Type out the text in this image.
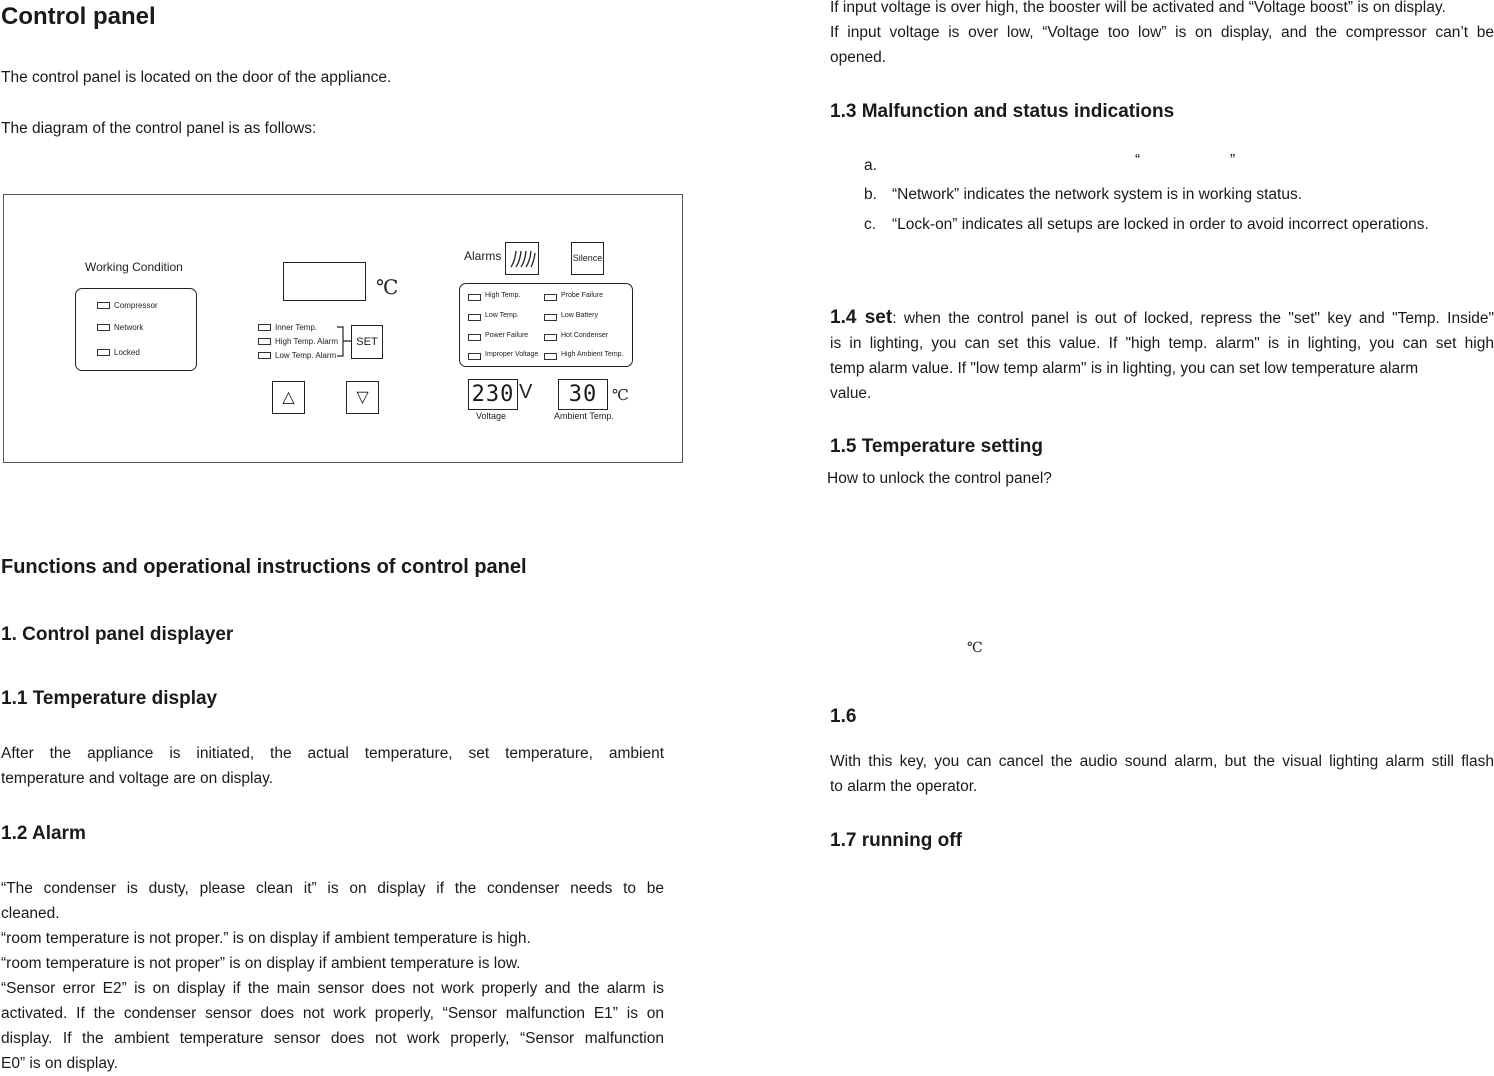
Control panel
The control panel is located on the door of the appliance.
The diagram of the control panel is as follows:
Working Condition
Compressor
Network
Locked
℃
Inner Temp.
High Temp. Alarm
Low Temp. Alarm
SET
△	▽
Alarms	Silence
High Temp.
Low Temp.
Power Failure
Improper Voltage
Probe Failure
Low Battery
Hot Condenser
High Ambient Temp.
230 V
Voltage
30 ℃
Ambient Temp.
Functions and operational instructions of control panel
1. Control panel displayer
1.1 Temperature display

After the appliance is initiated, the actual temperature, set temperature, ambient

temperature and voltage are on display.

1.2 Alarm

“The condenser is dusty, please clean it” is on display if the condenser needs to be

cleaned.

“room temperature is not proper.” is on display if ambient temperature is high.

“room temperature is not proper” is on display if ambient temperature is low.

“Sensor error E2” is on display if the main sensor does not work properly and the alarm is

activated. If the condenser sensor does not work properly, “Sensor malfunction E1” is on

display. If the ambient temperature sensor does not work properly, “Sensor malfunction

E0” is on display.

If input voltage is over high, the booster will be activated and “Voltage boost” is on display.

If input voltage is over low, “Voltage too low” is on display, and the compressor can’t be

opened.

1.3 Malfunction and status indications
a.	“	”
b. “Network” indicates the network system is in working status.
c. “Lock-on” indicates all setups are locked in order to avoid incorrect operations.

1.4 set: when the control panel is out of locked, repress the "set" key and "Temp. Inside"

is in lighting, you can set this value. If "high temp. alarm" is in lighting, you can set high

temp alarm value. If "low temp alarm" is in lighting, you can set low temperature alarm

value.

1.5 Temperature setting
How to unlock the control panel?
℃
1.6

With this key, you can cancel the audio sound alarm, but the visual lighting alarm still flash

to alarm the operator.

1.7 running off
